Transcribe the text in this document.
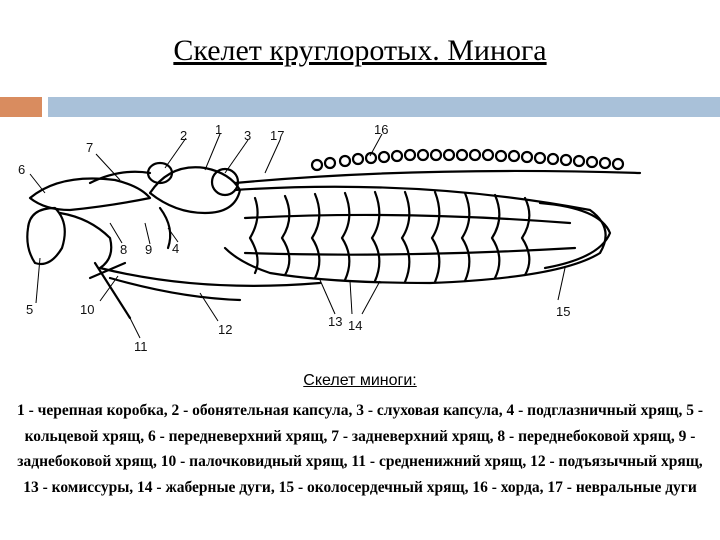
Скелет круглоротых. Минога
1
2	3 17	16
7
6
8 9 4
5	10
12
11
13 14
15
Скелет миноги:
1 - черепная коробка, 2 - обонятельная капсула, 3 - слуховая капсула, 4 - подглазничный хрящ, 5 - кольцевой хрящ, 6 - передневерхний хрящ, 7 - задневерхний хрящ, 8 - переднебоковой хрящ, 9 - заднебоковой хрящ, 10 - палочковидный хрящ, 11 - средненижний хрящ, 12 - подъязычный хрящ, 13 - комиссуры, 14 - жаберные дуги, 15 - околосердечный хрящ, 16 - хорда, 17 - невральные дуги
